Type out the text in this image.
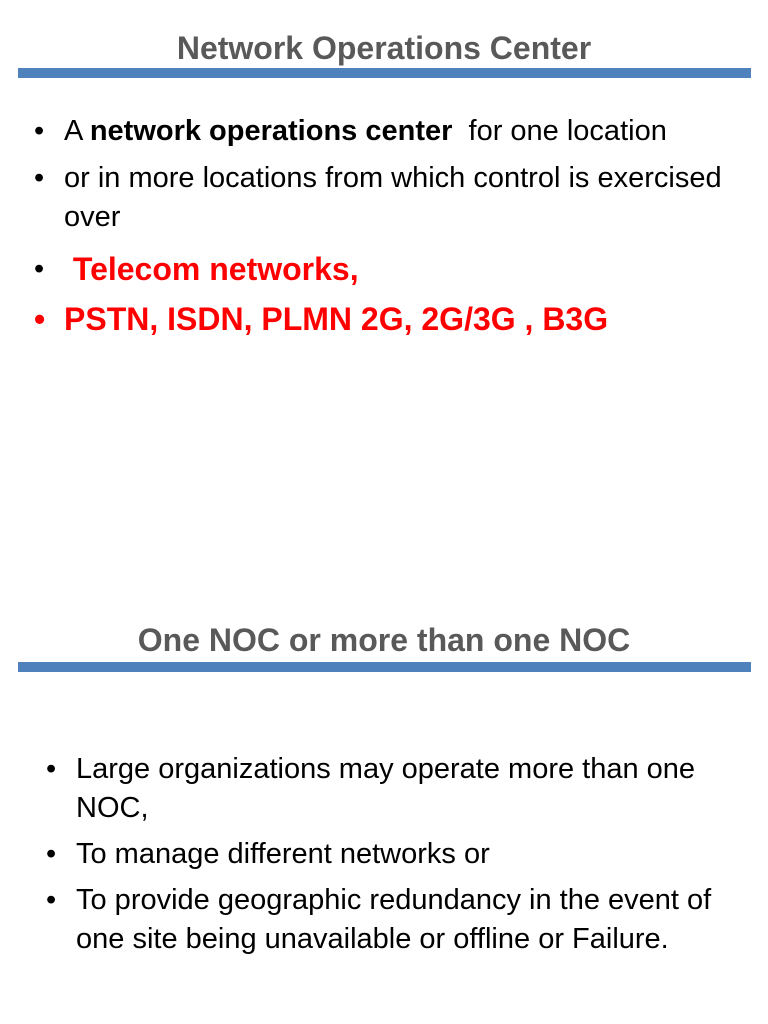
Network Operations Center
• A network operations center  for one location
• or in more locations from which control is exercised over
• Telecom networks,
• PSTN, ISDN, PLMN 2G, 2G/3G , B3G
One NOC or more than one NOC
• Large organizations may operate more than one NOC,
• To manage different networks or
• To provide geographic redundancy in the event of one site being unavailable or offline or Failure.
